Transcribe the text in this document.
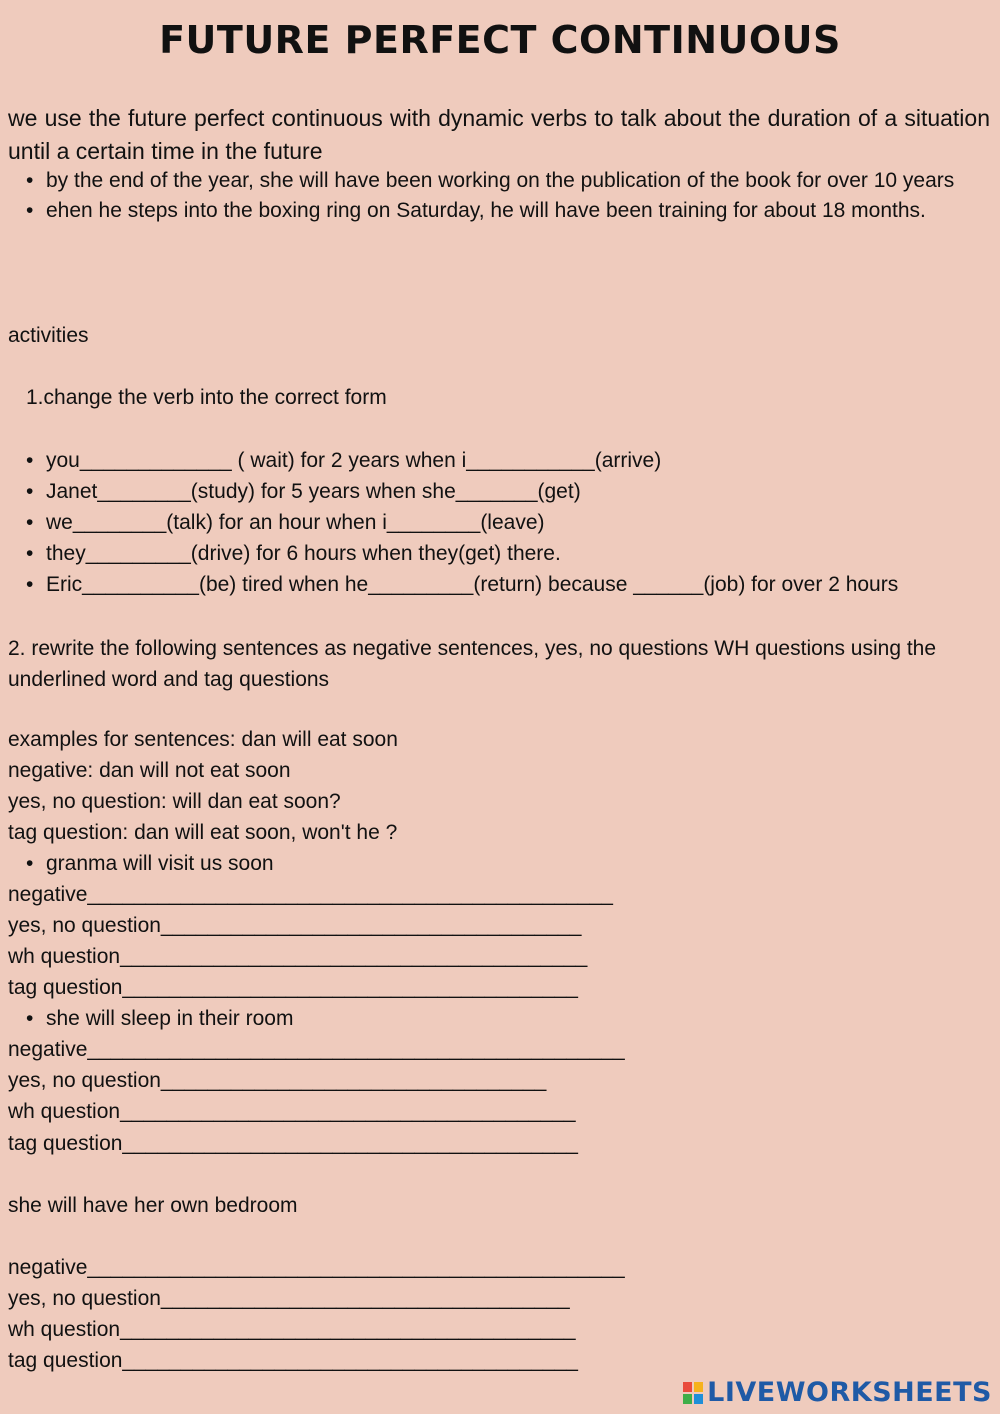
FUTURE PERFECT CONTINUOUS
we use the future perfect continuous with dynamic verbs to talk about the duration of a situation until a certain time in the future
• by the end of the year, she will have been working on the publication of the book for over 10 years
• ehen he steps into the boxing ring on Saturday, he will have been training for about 18 months.
activities
1.change the verb into the correct form
• you_____________ ( wait) for 2 years when i___________(arrive)
• Janet________(study) for 5 years when she_______(get)
• we________(talk) for an hour when i________(leave)
• they_________(drive) for 6 hours when they(get) there.
• Eric__________(be) tired when he_________(return) because ______(job) for over 2 hours
2. rewrite the following sentences as negative sentences, yes, no questions WH questions using the underlined word and tag questions
examples for sentences: dan will eat soon
negative: dan will not eat soon
yes, no question: will dan eat soon?
tag question: dan will eat soon, won't he ?
• granma will visit us soon
negative_____________________________________________
yes, no question____________________________________
wh question________________________________________
tag question_______________________________________
• she will sleep in their room
negative______________________________________________
yes, no question_________________________________
wh question_______________________________________
tag question_______________________________________
she will have her own bedroom
negative______________________________________________
yes, no question___________________________________
wh question_______________________________________
tag question_______________________________________
LIVEWORKSHEETS
